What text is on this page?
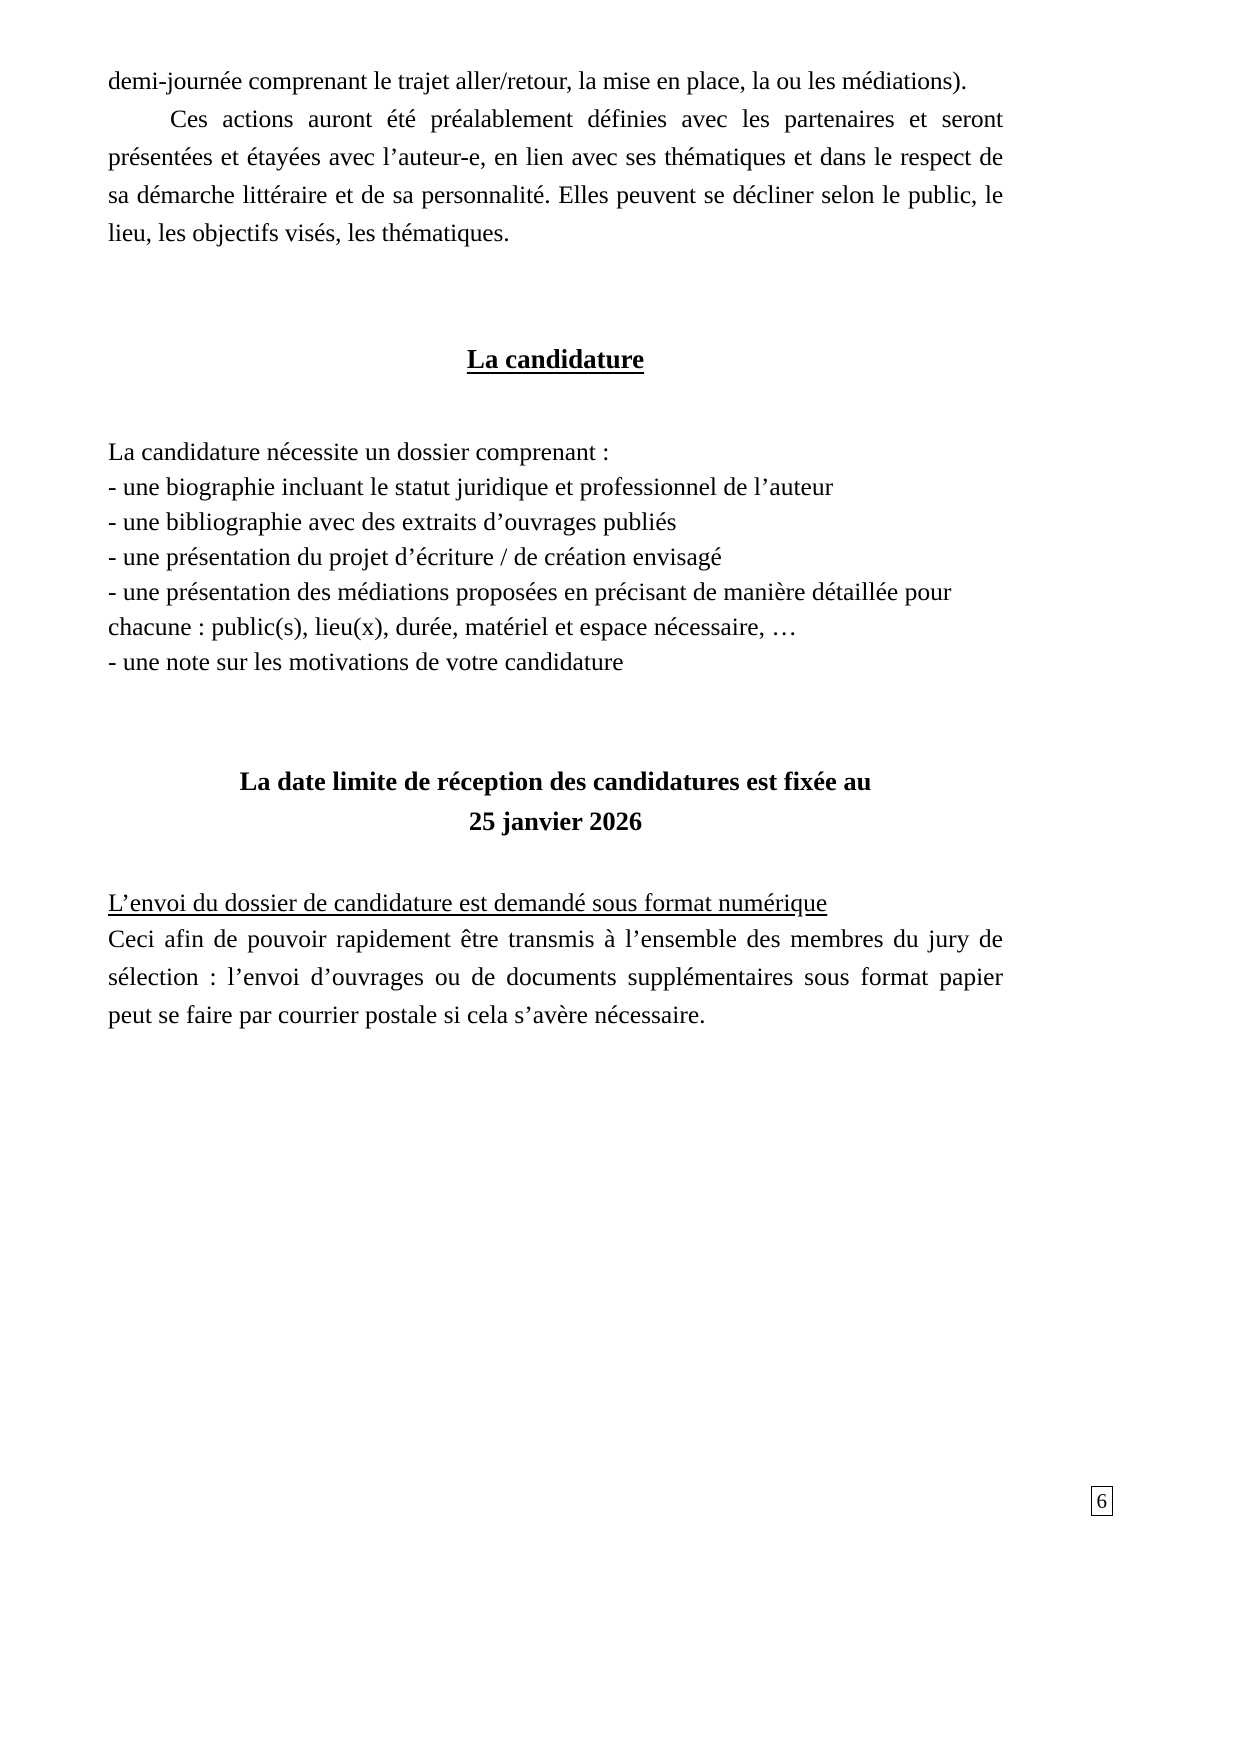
demi-journée comprenant le trajet aller/retour, la mise en place, la ou les médiations).

Ces actions auront été préalablement définies avec les partenaires et seront présentées et étayées avec l’auteur-e, en lien avec ses thématiques et dans le respect de sa démarche littéraire et de sa personnalité. Elles peuvent se décliner selon le public, le lieu, les objectifs visés, les thématiques.

La candidature
La candidature nécessite un dossier comprenant :
- une biographie incluant le statut juridique et professionnel de l’auteur
- une bibliographie avec des extraits d’ouvrages publiés
- une présentation du projet d’écriture / de création envisagé
- une présentation des médiations proposées en précisant de manière détaillée pour chacune : public(s), lieu(x), durée, matériel et espace nécessaire, …
- une note sur les motivations de votre candidature
La date limite de réception des candidatures est fixée au
25 janvier 2026
L’envoi du dossier de candidature est demandé sous format numérique

Ceci afin de pouvoir rapidement être transmis à l’ensemble des membres du jury de sélection : l’envoi d’ouvrages ou de documents supplémentaires sous format papier peut se faire par courrier postale si cela s’avère nécessaire.

6
